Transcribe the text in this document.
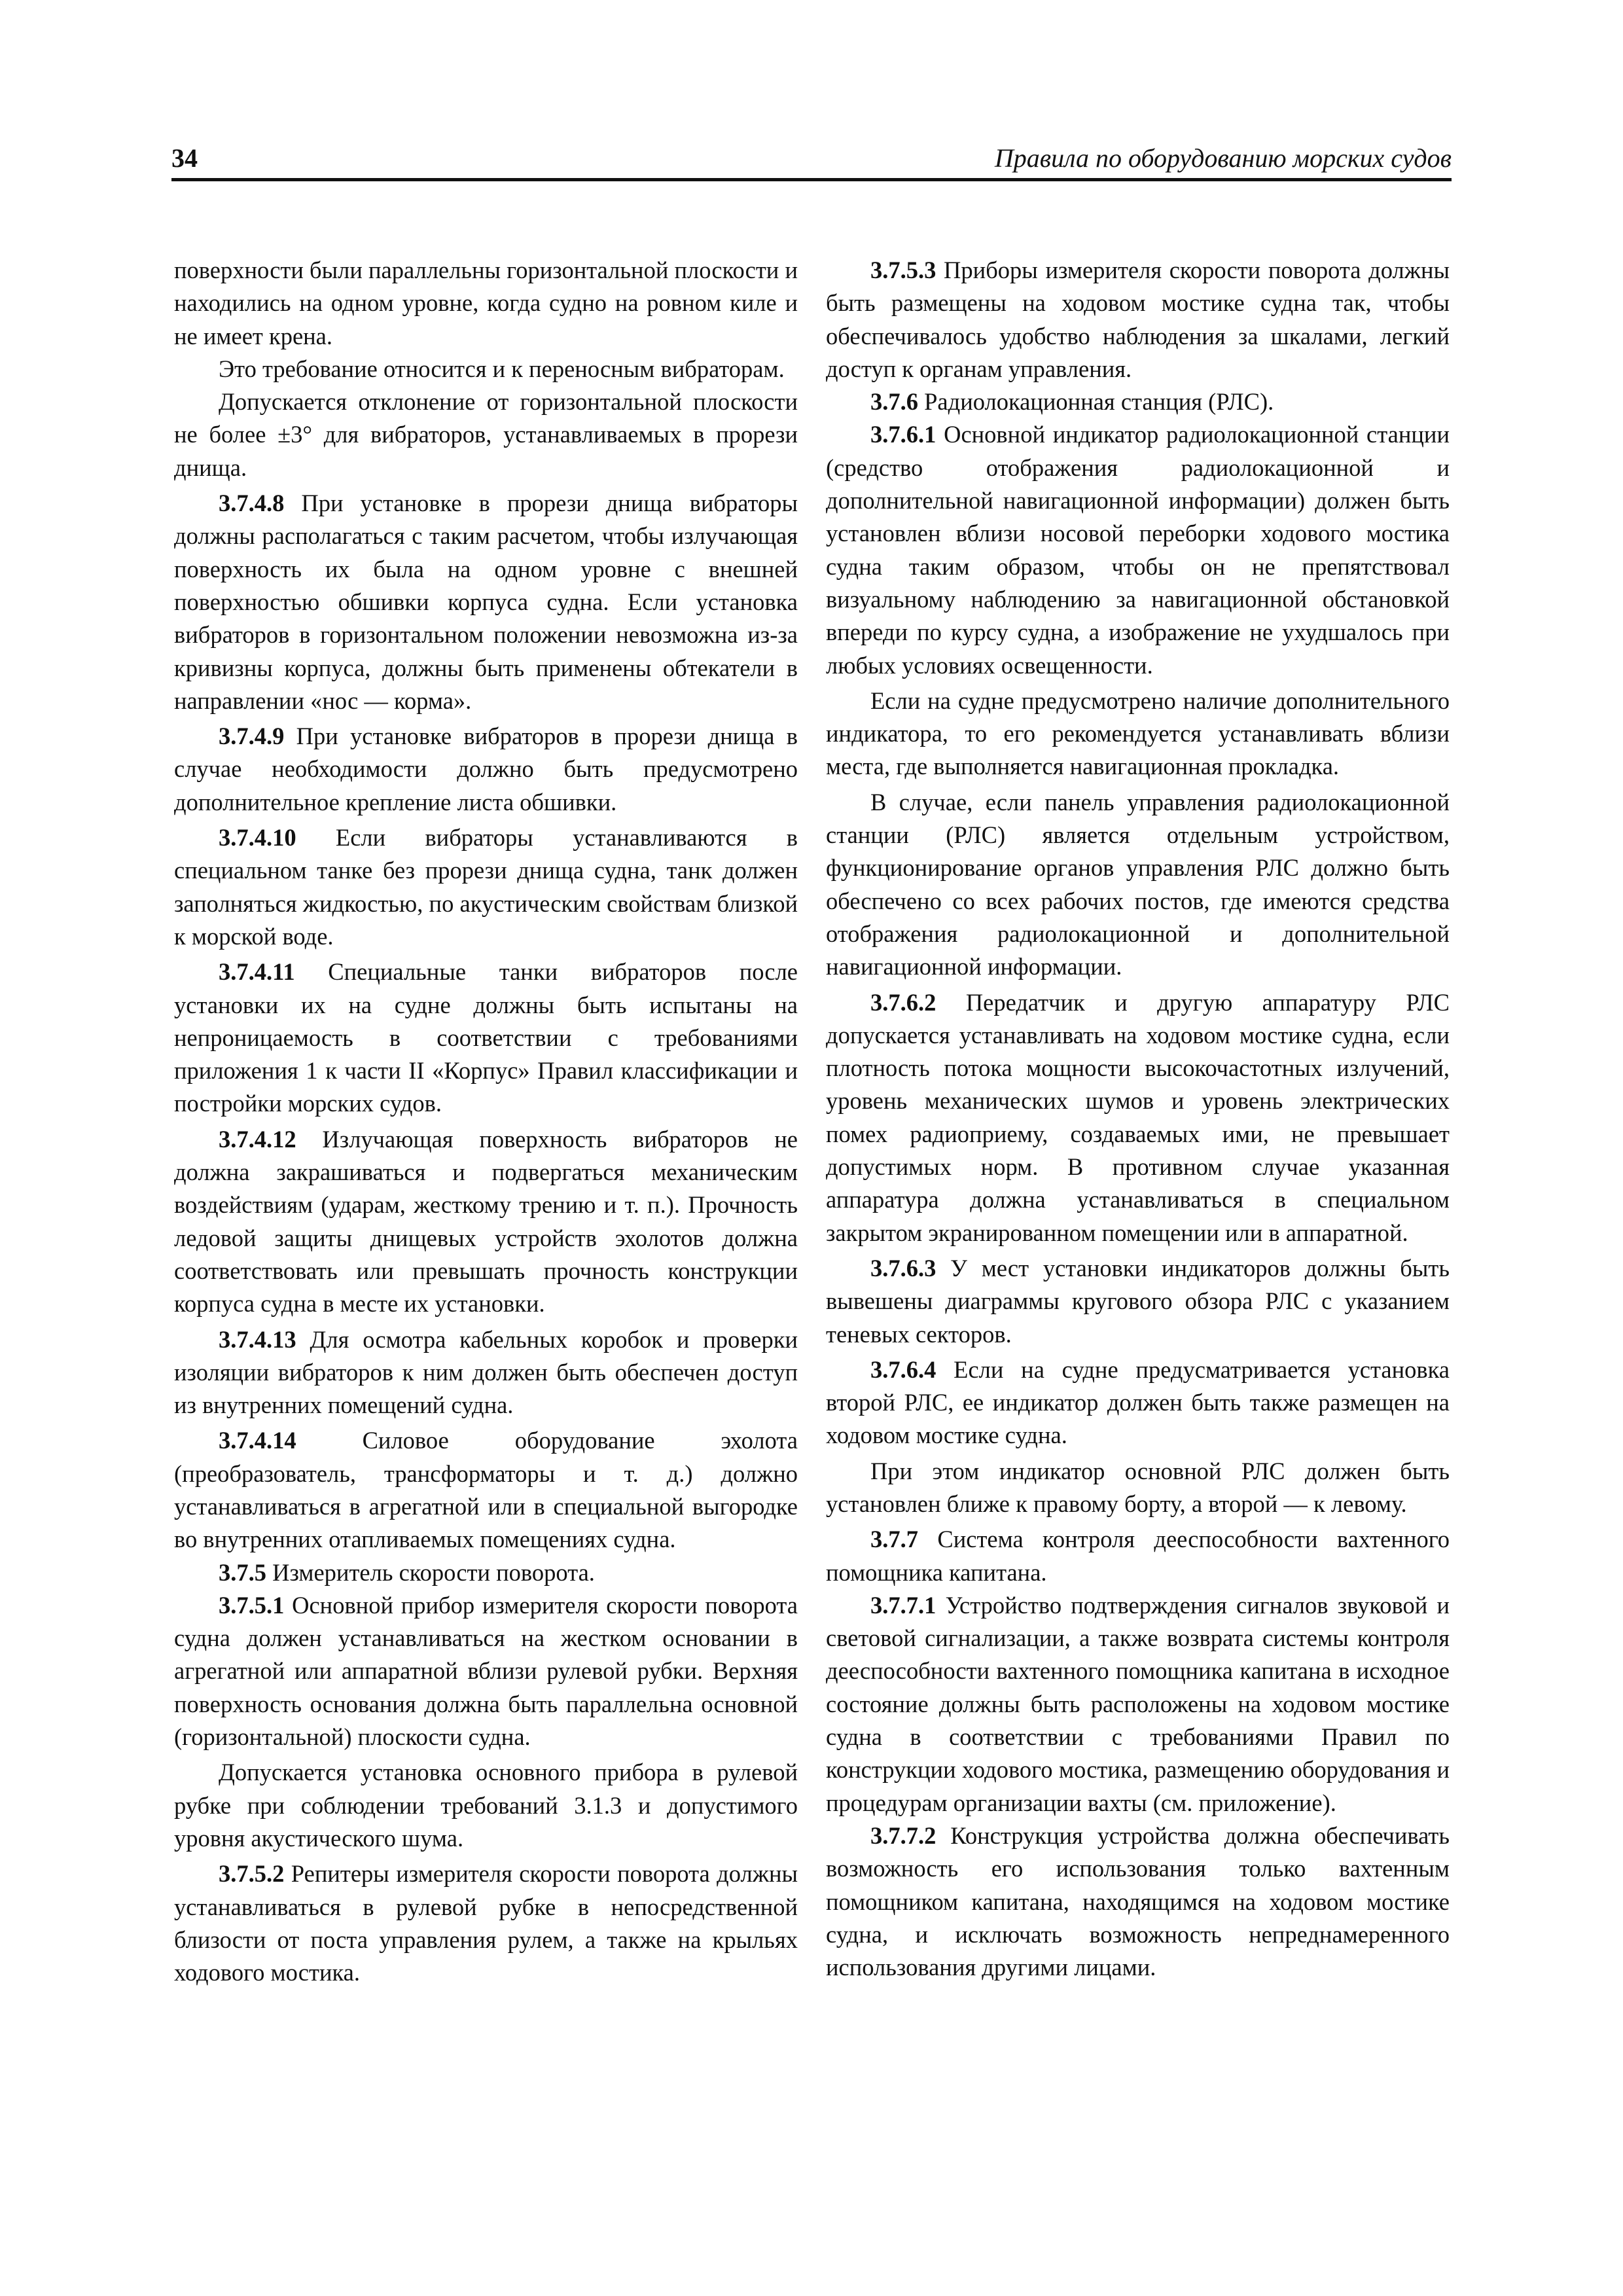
34	Правила по оборудованию морских судов

поверхности были параллельны горизонтальной плоскости и находились на одном уровне, когда судно на ровном киле и не имеет крена.

Это требование относится и к переносным вибраторам.

Допускается отклонение от горизонтальной плоскости не более ±3° для вибраторов, устанавливаемых в прорези днища.

3.7.4.8 При установке в прорези днища вибраторы должны располагаться с таким расчетом, чтобы излучающая поверхность их была на одном уровне с внешней поверхностью обшивки корпуса судна. Если установка вибраторов в горизонтальном положении невозможна из-за кривизны корпуса, должны быть применены обтекатели в направлении «нос — корма».

3.7.4.9 При установке вибраторов в прорези днища в случае необходимости должно быть предусмотрено дополнительное крепление листа обшивки.

3.7.4.10 Если вибраторы устанавливаются в специальном танке без прорези днища судна, танк должен заполняться жидкостью, по акустическим свойствам близкой к морской воде.

3.7.4.11 Специальные танки вибраторов после установки их на судне должны быть испытаны на непроницаемость в соответствии с требованиями приложения 1 к части II «Корпус» Правил классификации и постройки морских судов.

3.7.4.12 Излучающая поверхность вибраторов не должна закрашиваться и подвергаться механическим воздействиям (ударам, жесткому трению и т. п.). Прочность ледовой защиты днищевых устройств эхолотов должна соответствовать или превышать прочность конструкции корпуса судна в месте их установки.

3.7.4.13 Для осмотра кабельных коробок и проверки изоляции вибраторов к ним должен быть обеспечен доступ из внутренних помещений судна.

3.7.4.14	Силовое оборудование эхолота (преобразователь, трансформаторы и т. д.) должно устанавливаться в агрегатной или в специальной выгородке во внутренних отапливаемых помещениях судна.

3.7.5 Измеритель скорости поворота.

3.7.5.1 Основной прибор измерителя скорости поворота судна должен устанавливаться на жестком основании в агрегатной или аппаратной вблизи рулевой рубки. Верхняя поверхность основания должна быть параллельна основной (горизонтальной) плоскости судна.

Допускается установка основного прибора в рулевой рубке при соблюдении требований 3.1.3 и допустимого уровня акустического шума.

3.7.5.2 Репитеры измерителя скорости поворота должны устанавливаться в рулевой рубке в непосредственной близости от поста управления рулем, а также на крыльях ходового мостика.

3.7.5.3 Приборы измерителя скорости поворота должны быть размещены на ходовом мостике судна так, чтобы обеспечивалось удобство наблюдения за шкалами, легкий доступ к органам управления.

3.7.6 Радиолокационная станция (РЛС).

3.7.6.1 Основной индикатор радиолокационной станции (средство отображения радиолокационной и дополнительной навигационной информации) должен быть установлен вблизи носовой переборки ходового мостика судна таким образом, чтобы он не препятствовал визуальному наблюдению за навигационной обстановкой впереди по курсу судна, а изображение не ухудшалось при любых условиях освещенности.

Если на судне предусмотрено наличие дополнительного индикатора, то его рекомендуется устанавливать вблизи места, где выполняется навигационная прокладка.

В случае, если панель управления радиолокационной станции (РЛС) является отдельным устройством, функционирование органов управления РЛС должно быть обеспечено со всех рабочих постов, где имеются средства отображения радиолокационной и дополнительной навигационной информации.

3.7.6.2 Передатчик и другую аппаратуру РЛС допускается устанавливать на ходовом мостике судна, если плотность потока мощности высокочастотных излучений, уровень механических шумов и уровень электрических помех радиоприему, создаваемых ими, не превышает допустимых норм. В противном случае указанная аппаратура должна устанавливаться в специальном закрытом экранированном помещении или в аппаратной.

3.7.6.3 У мест установки индикаторов должны быть вывешены диаграммы кругового обзора РЛС с указанием теневых секторов.

3.7.6.4 Если на судне предусматривается установка второй РЛС, ее индикатор должен быть также размещен на ходовом мостике судна.

При этом индикатор основной РЛС должен быть установлен ближе к правому борту, а второй — к левому.

3.7.7 Система контроля дееспособности вахтенного помощника капитана.

3.7.7.1 Устройство подтверждения сигналов звуковой и световой сигнализации, а также возврата системы контроля дееспособности вахтенного помощника капитана в исходное состояние должны быть расположены на ходовом мостике судна в соответствии с требованиями Правил по конструкции ходового мостика, размещению оборудования и процедурам организации вахты (см. приложение).

3.7.7.2 Конструкция устройства должна обеспечивать возможность его использования только вахтенным помощником капитана, находящимся на ходовом мостике судна, и исключать возможность непреднамеренного использования другими лицами.
